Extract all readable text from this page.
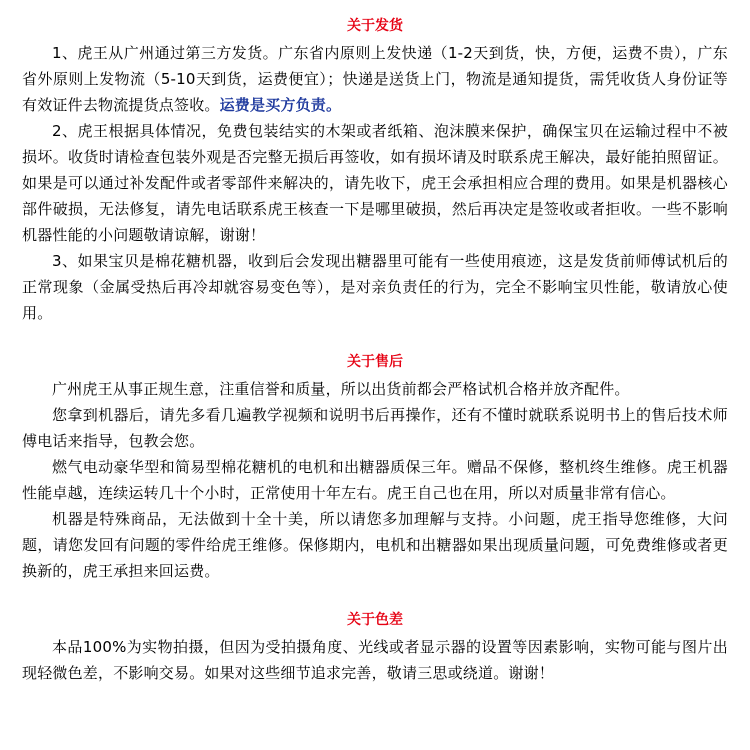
关于发货

1、虎王从广州通过第三方发货。广东省内原则上发快递（1-2天到货，快，方便，运费不贵），广东省外原则上发物流（5-10天到货，运费便宜）；快递是送货上门，物流是通知提货，需凭收货人身份证等有效证件去物流提货点签收。运费是买方负责。

2、虎王根据具体情况，免费包装结实的木架或者纸箱、泡沫膜来保护，确保宝贝在运输过程中不被损坏。收货时请检查包装外观是否完整无损后再签收，如有损坏请及时联系虎王解决，最好能拍照留证。如果是可以通过补发配件或者零部件来解决的，请先收下，虎王会承担相应合理的费用。如果是机器核心部件破损，无法修复，请先电话联系虎王核查一下是哪里破损，然后再决定是签收或者拒收。一些不影响机器性能的小问题敬请谅解，谢谢！

3、如果宝贝是棉花糖机器，收到后会发现出糖器里可能有一些使用痕迹，这是发货前师傅试机后的正常现象（金属受热后再冷却就容易变色等），是对亲负责任的行为，完全不影响宝贝性能，敬请放心使用。

关于售后

广州虎王从事正规生意，注重信誉和质量，所以出货前都会严格试机合格并放齐配件。

您拿到机器后，请先多看几遍教学视频和说明书后再操作，还有不懂时就联系说明书上的售后技术师傅电话来指导，包教会您。

燃气电动豪华型和简易型棉花糖机的电机和出糖器质保三年。赠品不保修，整机终生维修。虎王机器性能卓越，连续运转几十个小时，正常使用十年左右。虎王自己也在用，所以对质量非常有信心。

机器是特殊商品，无法做到十全十美，所以请您多加理解与支持。小问题，虎王指导您维修，大问题，请您发回有问题的零件给虎王维修。保修期内，电机和出糖器如果出现质量问题，可免费维修或者更换新的，虎王承担来回运费。

关于色差

本品100%为实物拍摄，但因为受拍摄角度、光线或者显示器的设置等因素影响，实物可能与图片出现轻微色差，不影响交易。如果对这些细节追求完善，敬请三思或绕道。谢谢！
